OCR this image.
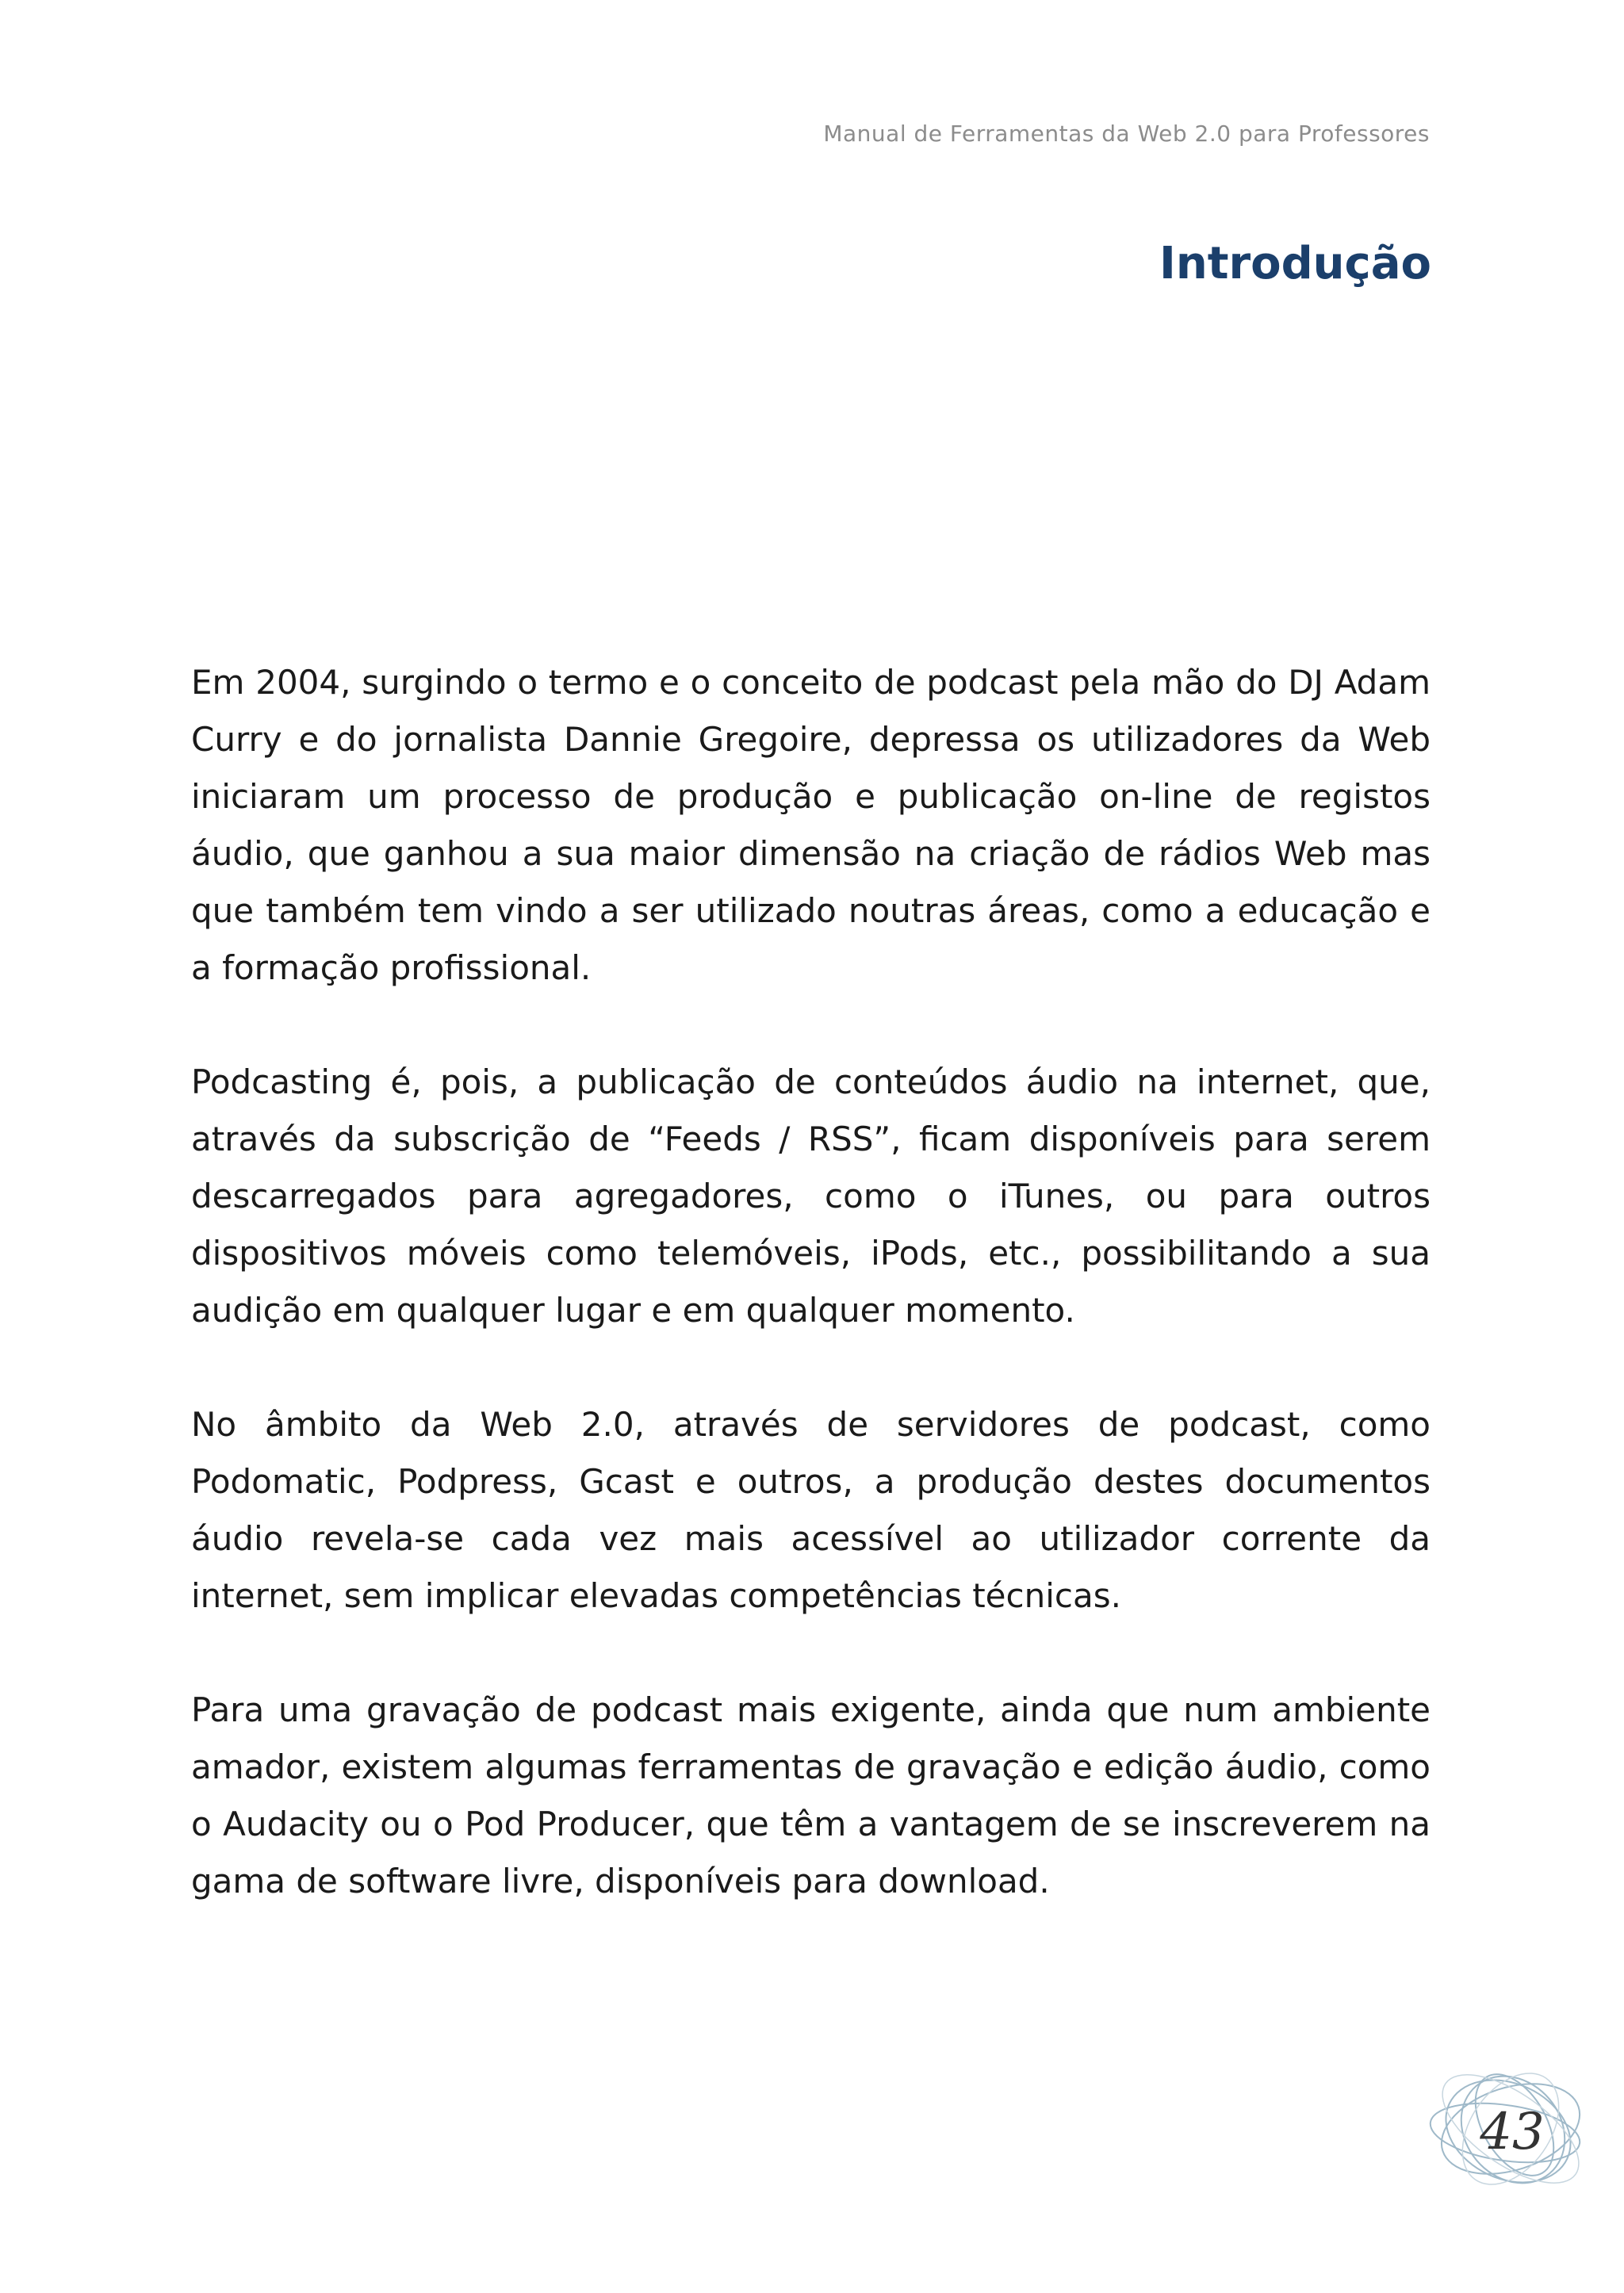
Manual de Ferramentas da Web 2.0 para Professores
Introdução

Em 2004, surgindo o termo e o conceito de podcast pela mão do DJ Adam Curry e do jornalista Dannie Gregoire, depressa os utilizadores da Web iniciaram um processo de produção e publicação on-line de registos áudio, que ganhou a sua maior dimensão na criação de rádios Web mas que também tem vindo a ser utilizado noutras áreas, como a educação e a formação profissional.

Podcasting é, pois, a publicação de conteúdos áudio na internet, que, através da subscrição de “Feeds / RSS”, ficam disponíveis para serem descarregados para agregadores, como o iTunes, ou para outros dispositivos móveis como telemóveis, iPods, etc., possibilitando a sua audição em qualquer lugar e em qualquer momento.

No âmbito da Web 2.0, através de servidores de podcast, como Podomatic, Podpress, Gcast e outros, a produção destes documentos áudio revela-se cada vez mais acessível ao utilizador corrente da internet, sem implicar elevadas competências técnicas.

Para uma gravação de podcast mais exigente, ainda que num ambiente amador, existem algumas ferramentas de gravação e edição áudio, como o Audacity ou o Pod Producer, que têm a vantagem de se inscreverem na gama de software livre, disponíveis para download.

43
